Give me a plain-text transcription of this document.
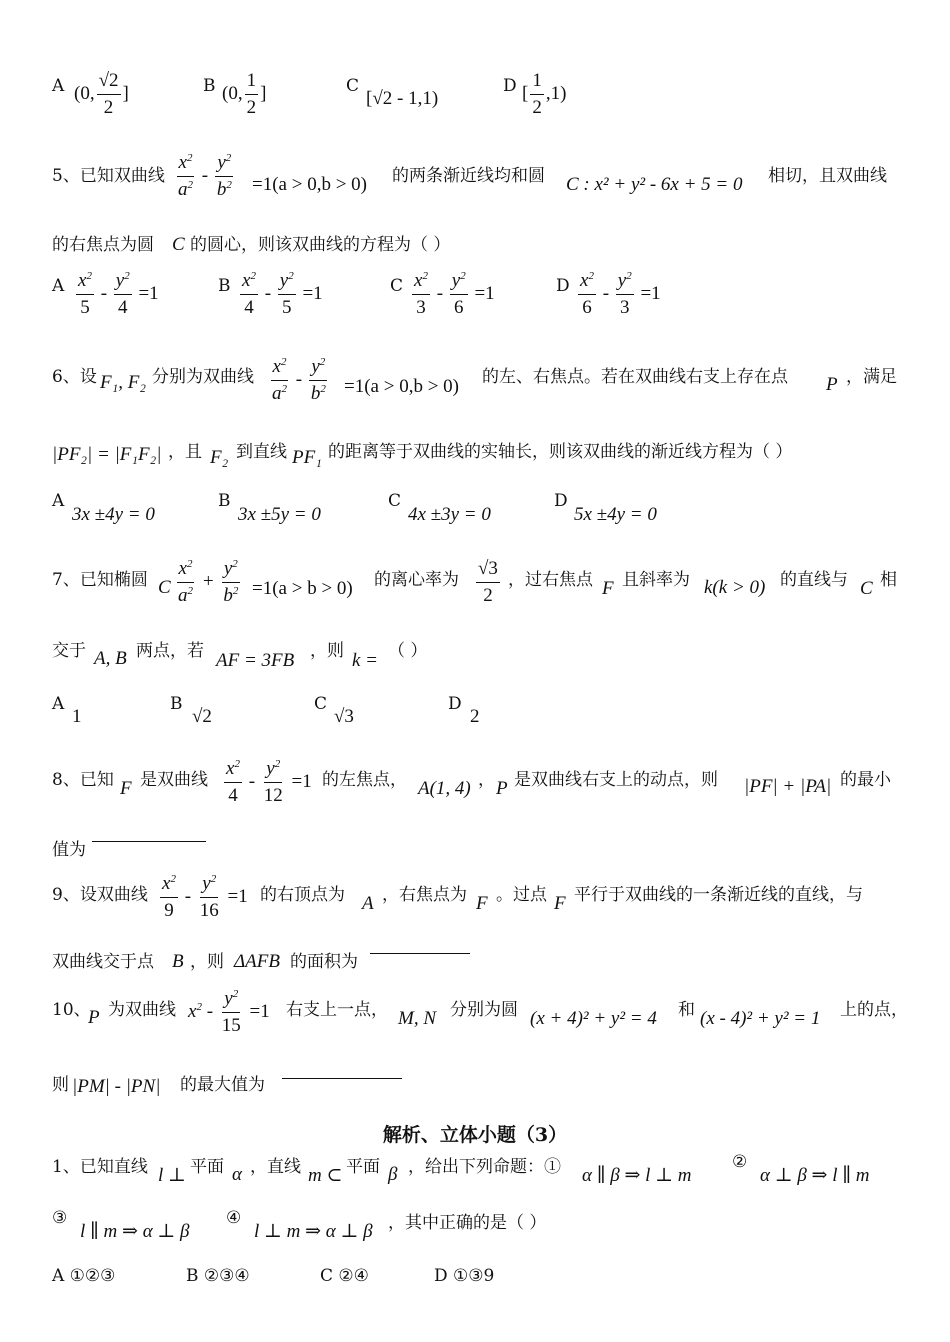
A (0, $\frac{√2}{2}$ ]	B (0, $\frac{1}{2}$ ]	C
[√2 - 1,1)
D [ $\frac{1}{2} ,1$)
5、已知双曲线 $\frac{x^2}{a^2} - \frac{y^2}{b^2} =1(a > 0,b > 0)$ 的两条渐近线均和圆 C : x² + y² - 6x + 5 = 0 相切，且双曲线
的右焦点为圆 C 的圆心，则该双曲线的方程为（ ）
A $\frac{x^2}{5} - \frac{y^2}{4} =1$	B $\frac{x^2}{4} - \frac{y^2}{5} =1$	C $\frac{x^2}{3} - \frac{y^2}{6} =1$	D $\frac{x^2}{6} - \frac{y^2}{3} =1$
6、设 F₁, F₂ 分别为双曲线 $\frac{x^2}{a^2} - \frac{y^2}{b^2} =1(a > 0,b > 0)$ 的左、右焦点。若在双曲线右支上存在点 P ，满足
|PF₂| = |F₁F₂| ，且 F₂ 到直线 PF₁ 的距离等于双曲线的实轴长，则该双曲线的渐近线方程为（ ）
A
3x ±4y = 0
B
3x ±5y = 0
C
4x ±3y = 0
D
5x ±4y = 0
7、已知椭圆 C $\frac{x^2}{a^2} + \frac{y^2}{b^2} =1(a > b > 0)$ 的离心率为 $\frac{√3}{2}$ ，过右焦点 F 且斜率为 k(k > 0) 的直线与 C 相
交于 A, B 两点，若 AF = 3FB ，则 k = （ ）
A
1
B
√2
C
√3
D
2
8、已知 F 是双曲线 $\frac{x^2}{4} - \frac{y^2}{12} =1$ 的左焦点， A(1, 4) ， P 是双曲线右支上的动点，则 |PF| + |PA| 的最小
值为
9、设双曲线 $\frac{x^2}{9} - \frac{y^2}{16} =1$ 的右顶点为 A ，右焦点为 F 。过点 F 平行于双曲线的一条渐近线的直线，与
双曲线交于点 B ，则 ΔAFB 的面积为
10、
P 为双曲线 $x^2 - \frac{y^2}{15} =1$ 右支上一点， M, N 分别为圆 (x + 4)² + y² = 4 和 (x - 4)² + y² = 1 上的点，
则 |PM| - |PN| 的最大值为
解析、立体小题（3）
1、已知直线 l ⊥ 平面 α ，直线 m ⊂ 平面 β ，给出下列命题：① α ∥ β ⇒ l ⊥ m
②
α ⊥ β ⇒ l ∥ m
③
l ∥ m ⇒ α ⊥ β
④
l ⊥ m ⇒ α ⊥ β ，其中正确的是（ ）
A ①②③	B ②③④	C ②④	D ①③9
